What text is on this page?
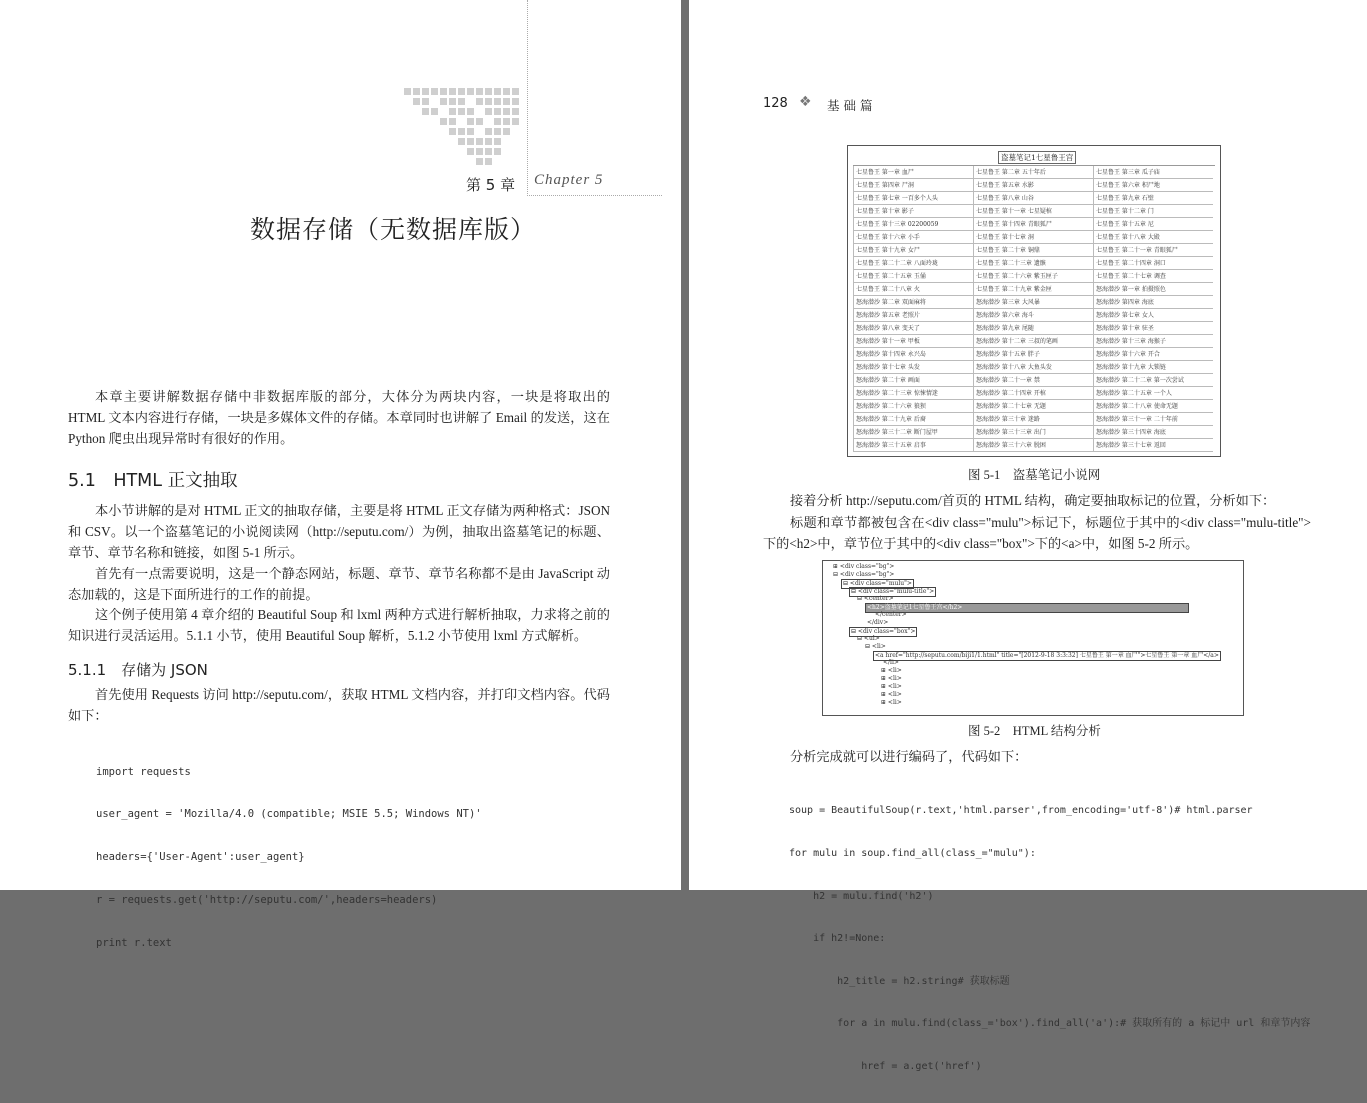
第 5 章 Chapter 5
数据存储（无数据库版）
本章主要讲解数据存储中非数据库版的部分，大体分为两块内容，一块是将取出的 HTML 文本内容进行存储，一块是多媒体文件的存储。本章同时也讲解了 Email 的发送，这在 Python 爬虫出现异常时有很好的作用。
5.1　HTML 正文抽取
本小节讲解的是对 HTML 正文的抽取存储，主要是将 HTML 正文存储为两种格式：JSON 和 CSV。以一个盗墓笔记的小说阅读网（http://seputu.com/）为例，抽取出盗墓笔记的标题、章节、章节名称和链接，如图 5-1 所示。
首先有一点需要说明，这是一个静态网站，标题、章节、章节名称都不是由 JavaScript 动态加载的，这是下面所进行的工作的前提。
这个例子使用第 4 章介绍的 Beautiful Soup 和 lxml 两种方式进行解析抽取，力求将之前的知识进行灵活运用。5.1.1 小节，使用 Beautiful Soup 解析，5.1.2 小节使用 lxml 方式解析。
5.1.1　存储为 JSON
首先使用 Requests 访问 http://seputu.com/，获取 HTML 文档内容，并打印文档内容。代码如下：

import requests

user_agent = 'Mozilla/4.0 (compatible; MSIE 5.5; Windows NT)'

headers={'User-Agent':user_agent}

r = requests.get('http://seputu.com/',headers=headers)

print r.text

128 ❖ 基 础 篇
盗墓笔记1七星鲁王宫
七星鲁王 第一章 血尸	七星鲁王 第二章 五十年后	七星鲁王 第三章 瓜子庙
七星鲁王 第四章 尸洞	七星鲁王 第五章 水影	七星鲁王 第六章 积尸地
七星鲁王 第七章 一百多个人头	七星鲁王 第八章 山谷	七星鲁王 第九章 石壁
七星鲁王 第十章 影子	七星鲁王 第十一章 七星疑棺	七星鲁王 第十二章 门
七星鲁王 第十三章 02200059	七星鲁王 第十四章 青眼狐尸	七星鲁王 第十五章 尼
七星鲁王 第十六章 小手	七星鲁王 第十七章 洞	七星鲁王 第十八章 大殿
七星鲁王 第十九章 女尸	七星鲁王 第二十章 铜鼎	七星鲁王 第二十一章 青眼狐尸
七星鲁王 第二十二章 八面玲珑	七星鲁王 第二十三章 遗骸	七星鲁王 第二十四章 洞口
七星鲁王 第二十五章 玉俑	七星鲁王 第二十六章 紫玉匣子	七星鲁王 第二十七章 调查
七星鲁王 第二十八章 火	七星鲁王 第二十九章 紫金匣	怒海潜沙 第一章 拍摄照色
怒海潜沙 第二章 双面麻将	怒海潜沙 第三章 大风暴	怒海潜沙 第四章 海底
怒海潜沙 第五章 老照片	怒海潜沙 第六章 海斗	怒海潜沙 第七章 女人
怒海潜沙 第八章 变天了	怒海潜沙 第九章 尾随	怒海潜沙 第十章 驻圣
怒海潜沙 第十一章 甲板	怒海潜沙 第十二章 三叔的笔画	怒海潜沙 第十三章 海猴子
怒海潜沙 第十四章 永兴岛	怒海潜沙 第十五章 胖子	怒海潜沙 第十六章 开合
怒海潜沙 第十七章 头发	怒海潜沙 第十八章 大鱼头发	怒海潜沙 第十九章 大锁链
怒海潜沙 第二十章 画面	怒海潜沙 第二十一章 禁	怒海潜沙 第二十二章 第一次尝试
怒海潜沙 第二十三章 惊悚情迷	怒海潜沙 第二十四章 开棺	怒海潜沙 第二十五章 一个人
怒海潜沙 第二十六章 狼狈	怒海潜沙 第二十七章 无题	怒海潜沙 第二十八章 使命无题
怒海潜沙 第二十九章 后裔	怒海潜沙 第三十章 迷路	怒海潜沙 第三十一章 二十年前
怒海潜沙 第三十二章 断门屋甲	怒海潜沙 第三十三章 出门	怒海潜沙 第三十四章 海底
怒海潜沙 第三十五章 启事	怒海潜沙 第三十六章 脱困	怒海潜沙 第三十七章 返回
图 5-1　盗墓笔记小说网
接着分析 http://seputu.com/首页的 HTML 结构，确定要抽取标记的位置，分析如下：
标题和章节都被包含在<div class="mulu">标记下，标题位于其中的<div class="mulu-title">下的<h2>中，章节位于其中的<div class="box">下的<a>中，如图 5-2 所示。
⊞ <div class="bg">
⊟ <div class="bg">
⊟ <div class="mulu">
⊟ <div class="mulu-title">
⊟ <center>
<h2>盗墓笔记1七星鲁王宫</h2>
</center>
</div>
⊟ <div class="box">
⊟ <ul>
⊟ <li>
<a href="http://seputu.com/biji1/1.html" title="[2012-9-18 3:3:32] 七星鲁王 第一章 血尸">七星鲁王 第一章 血尸</a>
</li>
⊞ <li>
⊞ <li>
⊞ <li>
⊞ <li>
⊞ <li>
图 5-2　HTML 结构分析
分析完成就可以进行编码了，代码如下：

soup = BeautifulSoup(r.text,'html.parser',from_encoding='utf-8')# html.parser

for mulu in soup.find_all(class_="mulu"):

h2 = mulu.find('h2')

if h2!=None:

h2_title = h2.string# 获取标题

for a in mulu.find(class_='box').find_all('a'):# 获取所有的 a 标记中 url 和章节内容

href = a.get('href')
